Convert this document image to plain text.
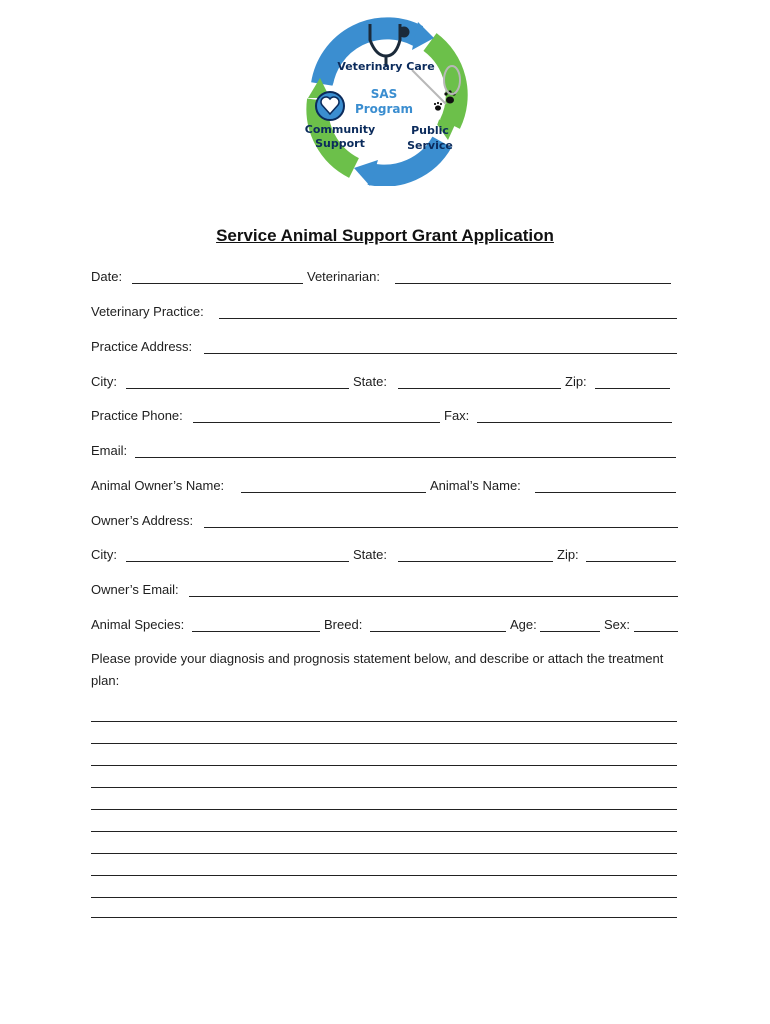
Veterinary Care
SAS
Program
Community
Support
Public
Service
Service Animal Support Grant Application
Date:	Veterinarian:
Veterinary Practice:
Practice Address:
City:	State:	Zip:
Practice Phone:	Fax:
Email:
Animal Owner’s Name:	Animal’s Name:
Owner’s Address:
City:	State:	Zip:
Owner’s Email:
Animal Species:	Breed:	Age:	Sex:
Please provide your diagnosis and prognosis statement below, and describe or attach the treatment plan:
